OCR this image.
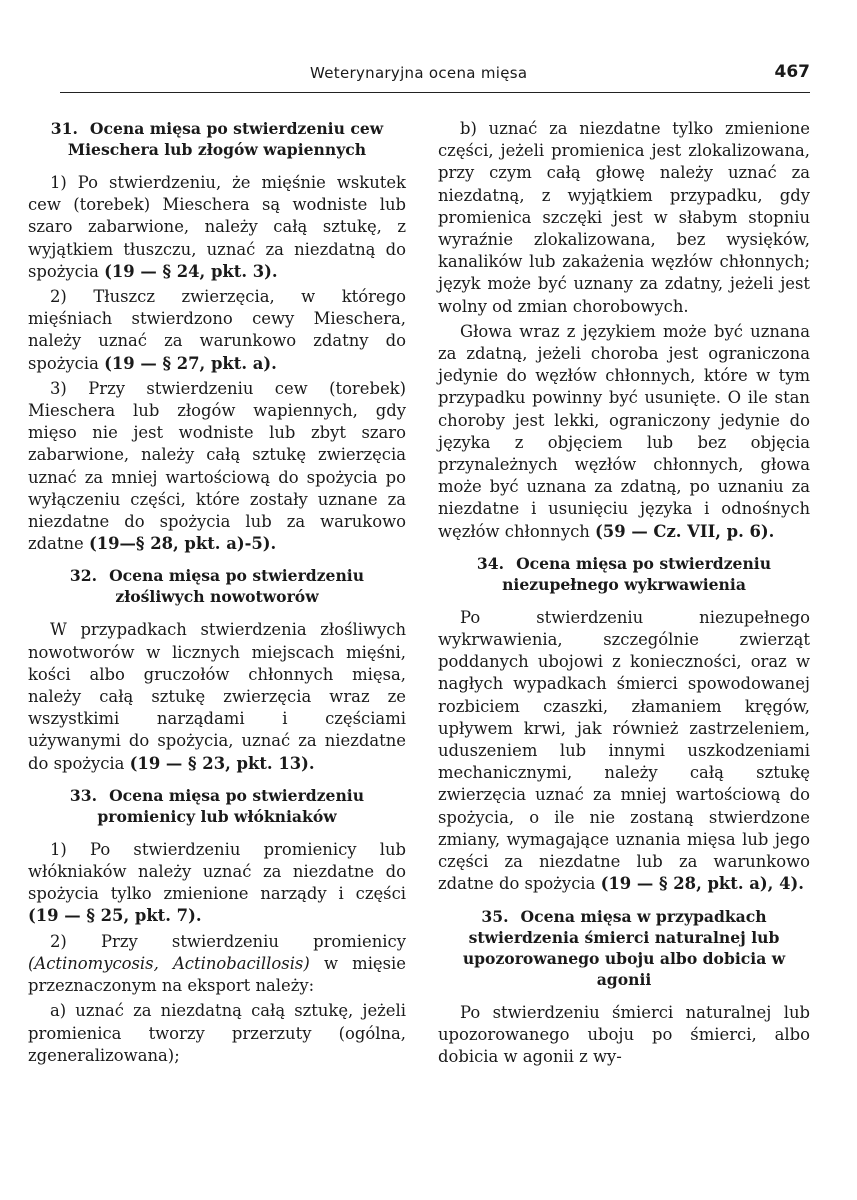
Weterynaryjna ocena mięsa	467
31. Ocena mięsa po stwierdzeniu cew Mieschera lub złogów wapiennych

1) Po stwierdzeniu, że mięśnie wskutek cew (torebek) Mieschera są wodniste lub szaro zabarwione, należy całą sztukę, z wyjątkiem tłuszczu, uznać za niezdatną do spożycia (19 — § 24, pkt. 3).

2) Tłuszcz zwierzęcia, w którego mięśniach stwierdzono cewy Mieschera, należy uznać za warunkowo zdatny do spożycia (19 — § 27, pkt. a).

3) Przy stwierdzeniu cew (torebek) Mieschera lub złogów wapiennych, gdy mięso nie jest wodniste lub zbyt szaro zabarwione, należy całą sztukę zwierzęcia uznać za mniej wartościową do spożycia po wyłączeniu części, które zostały uznane za niezdatne do spożycia lub za warukowo zdatne (19—§ 28, pkt. a)-5).

32. Ocena mięsa po stwierdzeniu złośliwych nowotworów

W przypadkach stwierdzenia złośliwych nowotworów w licznych miejscach mięśni, kości albo gruczołów chłonnych mięsa, należy całą sztukę zwierzęcia wraz ze wszystkimi narządami i częściami używanymi do spożycia, uznać za niezdatne do spożycia (19 — § 23, pkt. 13).

33. Ocena mięsa po stwierdzeniu promienicy lub włókniaków

1) Po stwierdzeniu promienicy lub włókniaków należy uznać za niezdatne do spożycia tylko zmienione narządy i części (19 — § 25, pkt. 7).

2) Przy stwierdzeniu promienicy (Actinomycosis, Actinobacillosis) w mięsie przeznaczonym na eksport należy:

a) uznać za niezdatną całą sztukę, jeżeli promienica tworzy przerzuty (ogólna, zgeneralizowana);

b) uznać za niezdatne tylko zmienione części, jeżeli promienica jest zlokalizowana, przy czym całą głowę należy uznać za niezdatną, z wyjątkiem przypadku, gdy promienica szczęki jest w słabym stopniu wyraźnie zlokalizowana, bez wysięków, kanalików lub zakażenia węzłów chłonnych; język może być uznany za zdatny, jeżeli jest wolny od zmian chorobowych.

Głowa wraz z językiem może być uznana za zdatną, jeżeli choroba jest ograniczona jedynie do węzłów chłonnych, które w tym przypadku powinny być usunięte. O ile stan choroby jest lekki, ograniczony jedynie do języka z objęciem lub bez objęcia przynależnych węzłów chłonnych, głowa może być uznana za zdatną, po uznaniu za niezdatne i usunięciu języka i odnośnych węzłów chłonnych (59 — Cz. VII, p. 6).

34. Ocena mięsa po stwierdzeniu niezupełnego wykrwawienia

Po stwierdzeniu niezupełnego wykrwawienia, szczególnie zwierząt poddanych ubojowi z konieczności, oraz w nagłych wypadkach śmierci spowodowanej rozbiciem czaszki, złamaniem kręgów, upływem krwi, jak również zastrzeleniem, uduszeniem lub innymi uszkodzeniami mechanicznymi, należy całą sztukę zwierzęcia uznać za mniej wartościową do spożycia, o ile nie zostaną stwierdzone zmiany, wymagające uznania mięsa lub jego części za niezdatne lub za warunkowo zdatne do spożycia (19 — § 28, pkt. a), 4).

35. Ocena mięsa w przypadkach stwierdzenia śmierci naturalnej lub upozorowanego uboju albo dobicia w agonii

Po stwierdzeniu śmierci naturalnej lub upozorowanego uboju po śmierci, albo dobicia w agonii z wy-
